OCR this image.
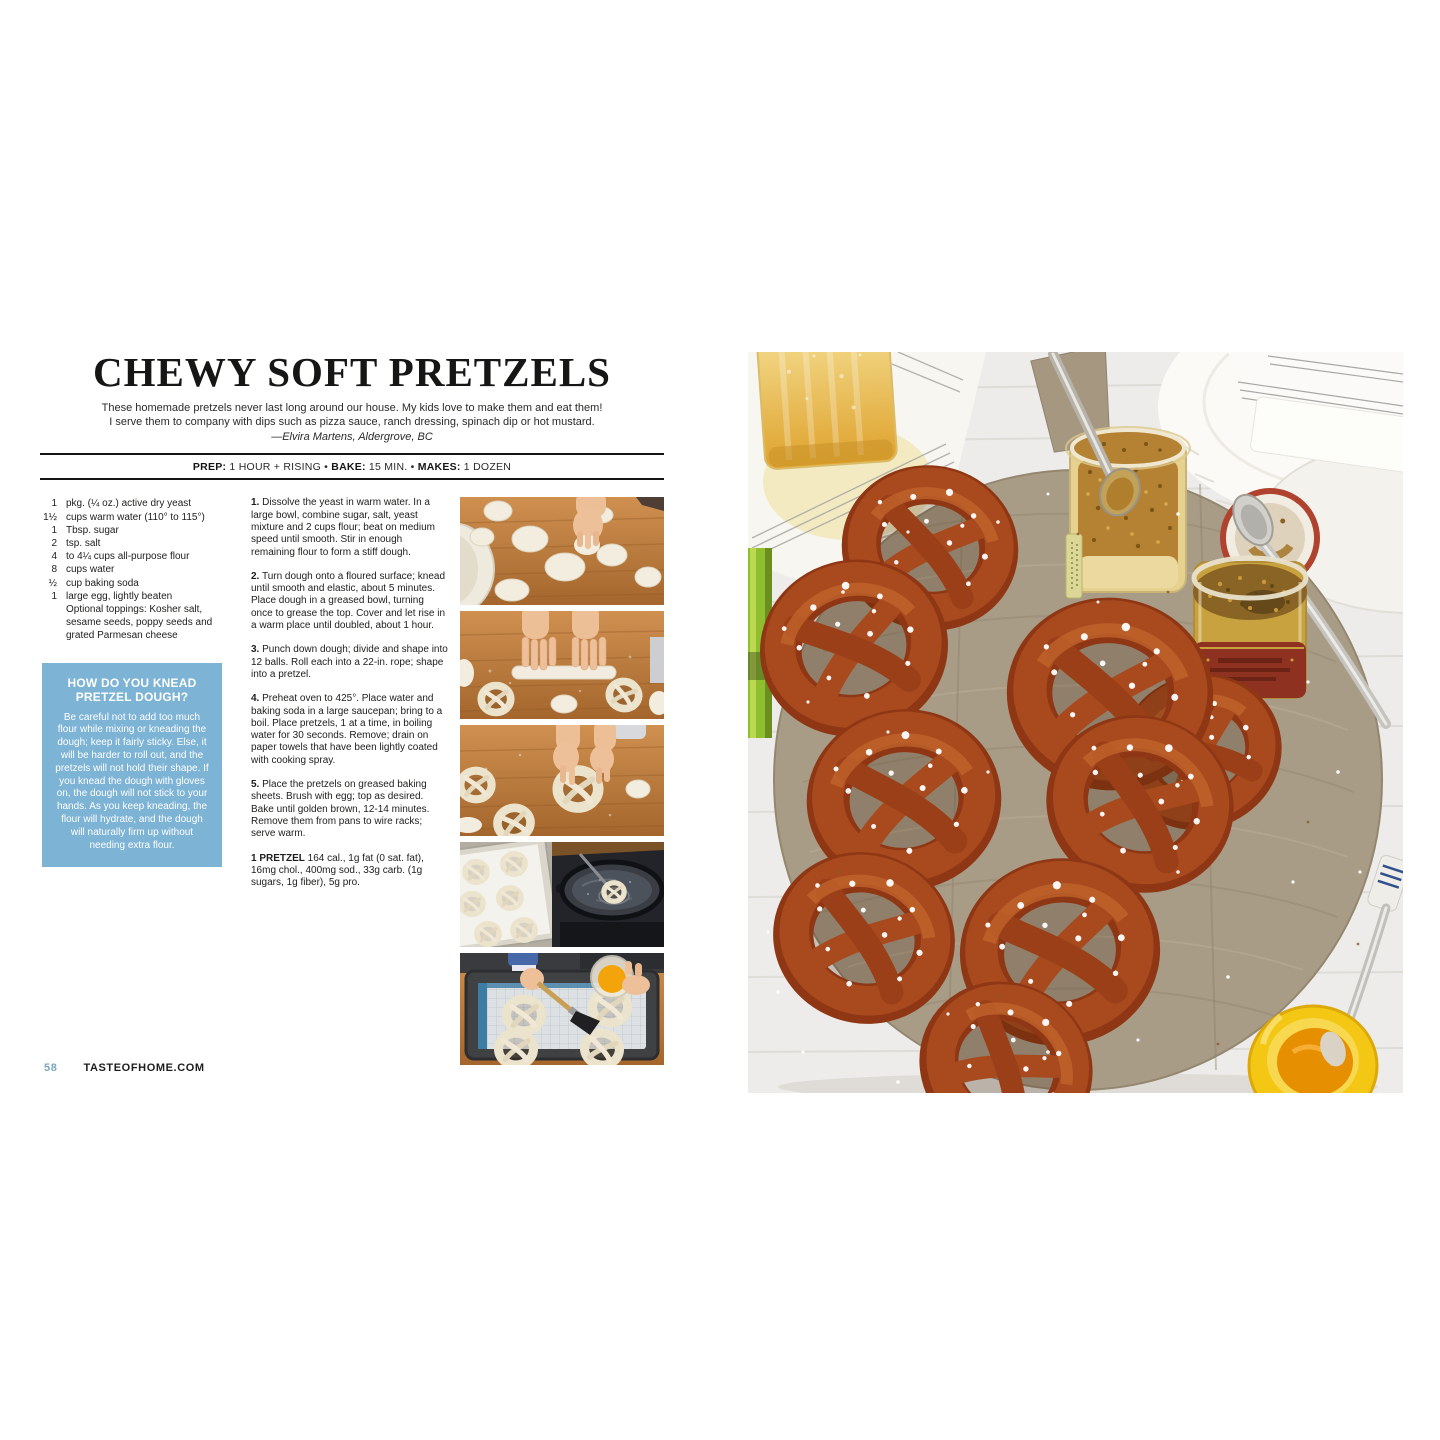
CHEWY SOFT PRETZELS
These homemade pretzels never last long around our house. My kids love to make them and eat them!
I serve them to company with dips such as pizza sauce, ranch dressing, spinach dip or hot mustard.
—Elvira Martens, Aldergrove, BC
PREP: 1 HOUR + RISING • BAKE: 15 MIN. • MAKES: 1 DOZEN
1 pkg. (¼ oz.) active dry yeast
1½ cups warm water (110° to 115°)
1 Tbsp. sugar
2 tsp. salt
4 to 4¼ cups all-purpose flour
8 cups water
½ cup baking soda
1 large egg, lightly beaten
Optional toppings: Kosher salt, sesame seeds, poppy seeds and grated Parmesan cheese
HOW DO YOU KNEAD PRETZEL DOUGH?
Be careful not to add too much flour while mixing or kneading the dough; keep it fairly sticky. Else, it will be harder to roll out, and the pretzels will not hold their shape. If you knead the dough with gloves on, the dough will not stick to your hands. As you keep kneading, the flour will hydrate, and the dough will naturally firm up without needing extra flour.

1. Dissolve the yeast in warm water. In a large bowl, combine sugar, salt, yeast mixture and 2 cups flour; beat on medium speed until smooth. Stir in enough remaining flour to form a stiff dough.

2. Turn dough onto a floured surface; knead until smooth and elastic, about 5 minutes. Place dough in a greased bowl, turning once to grease the top. Cover and let rise in a warm place until doubled, about 1 hour.

3. Punch down dough; divide and shape into 12 balls. Roll each into a 22-in. rope; shape into a pretzel.

4. Preheat oven to 425°. Place water and baking soda in a large saucepan; bring to a boil. Place pretzels, 1 at a time, in boiling water for 30 seconds. Remove; drain on paper towels that have been lightly coated with cooking spray.

5. Place the pretzels on greased baking sheets. Brush with egg; top as desired. Bake until golden brown, 12-14 minutes. Remove them from pans to wire racks; serve warm.

1 PRETZEL 164 cal., 1g fat (0 sat. fat), 16mg chol., 400mg sod., 33g carb. (1g sugars, 1g fiber), 5g pro.

58 TASTEOFHOME.COM
